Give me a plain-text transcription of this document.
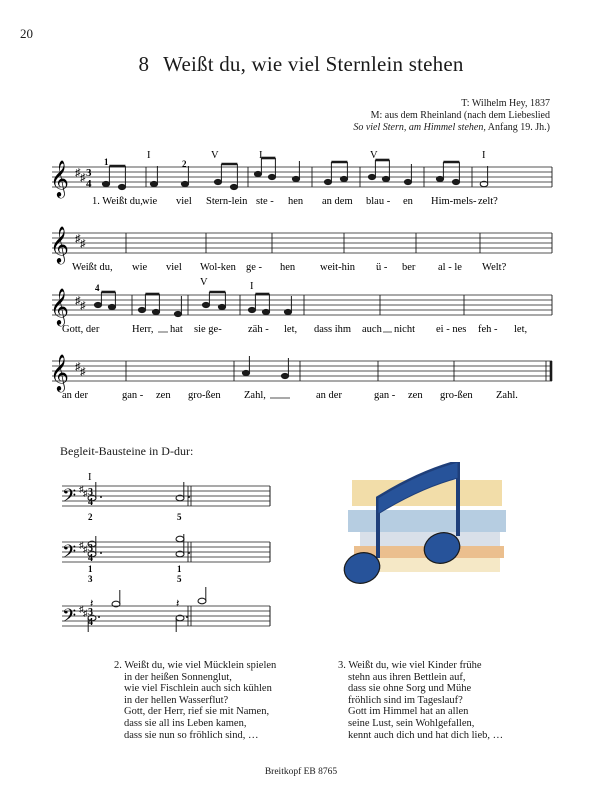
20
8 Weißt du, wie viel Sternlein stehen
T: Wilhelm Hey, 1837
M: aus dem Rheinland (nach dem Liebeslied
So viel Stern, am Himmel stehen, Anfang 19. Jh.)
𝄞 ♯ ♯ 3
4
I	V	I	V	I
1	2
1. Weißt du, wie viel Stern-lein ste - hen an dem blau - en Him-mels- zelt?
𝄞 ♯ ♯
Weißt du, wie viel Wol-ken ge - hen weit-hin ü - ber al - le Welt?
𝄞 ♯ ♯
V	I
4
Gott, der	Herr, hat sie ge-	zäh - let, dass ihm auch nicht ei - nes feh - let,
𝄞 ♯ ♯
an der	gan - zen gro-ßen Zahl,	an der	gan - zen gro-ßen Zahl.
Begleit-Bausteine in D-dur:
I
𝄢 ♯ ♯ 3
4
2	5
𝄢 ♯ ♯ 3
4
1
3
1
5
𝄢 ♯ ♯ 3
4
𝄽	𝄽
2. Weißt du, wie viel Mücklein spielen
in der heißen Sonnenglut,
wie viel Fischlein auch sich kühlen
in der hellen Wasserflut?
Gott, der Herr, rief sie mit Namen,
dass sie all ins Leben kamen,
dass sie nun so fröhlich sind, …
3. Weißt du, wie viel Kinder frühe
stehn aus ihren Bettlein auf,
dass sie ohne Sorg und Mühe
fröhlich sind im Tageslauf?
Gott im Himmel hat an allen
seine Lust, sein Wohlgefallen,
kennt auch dich und hat dich lieb, …
Breitkopf EB 8765
